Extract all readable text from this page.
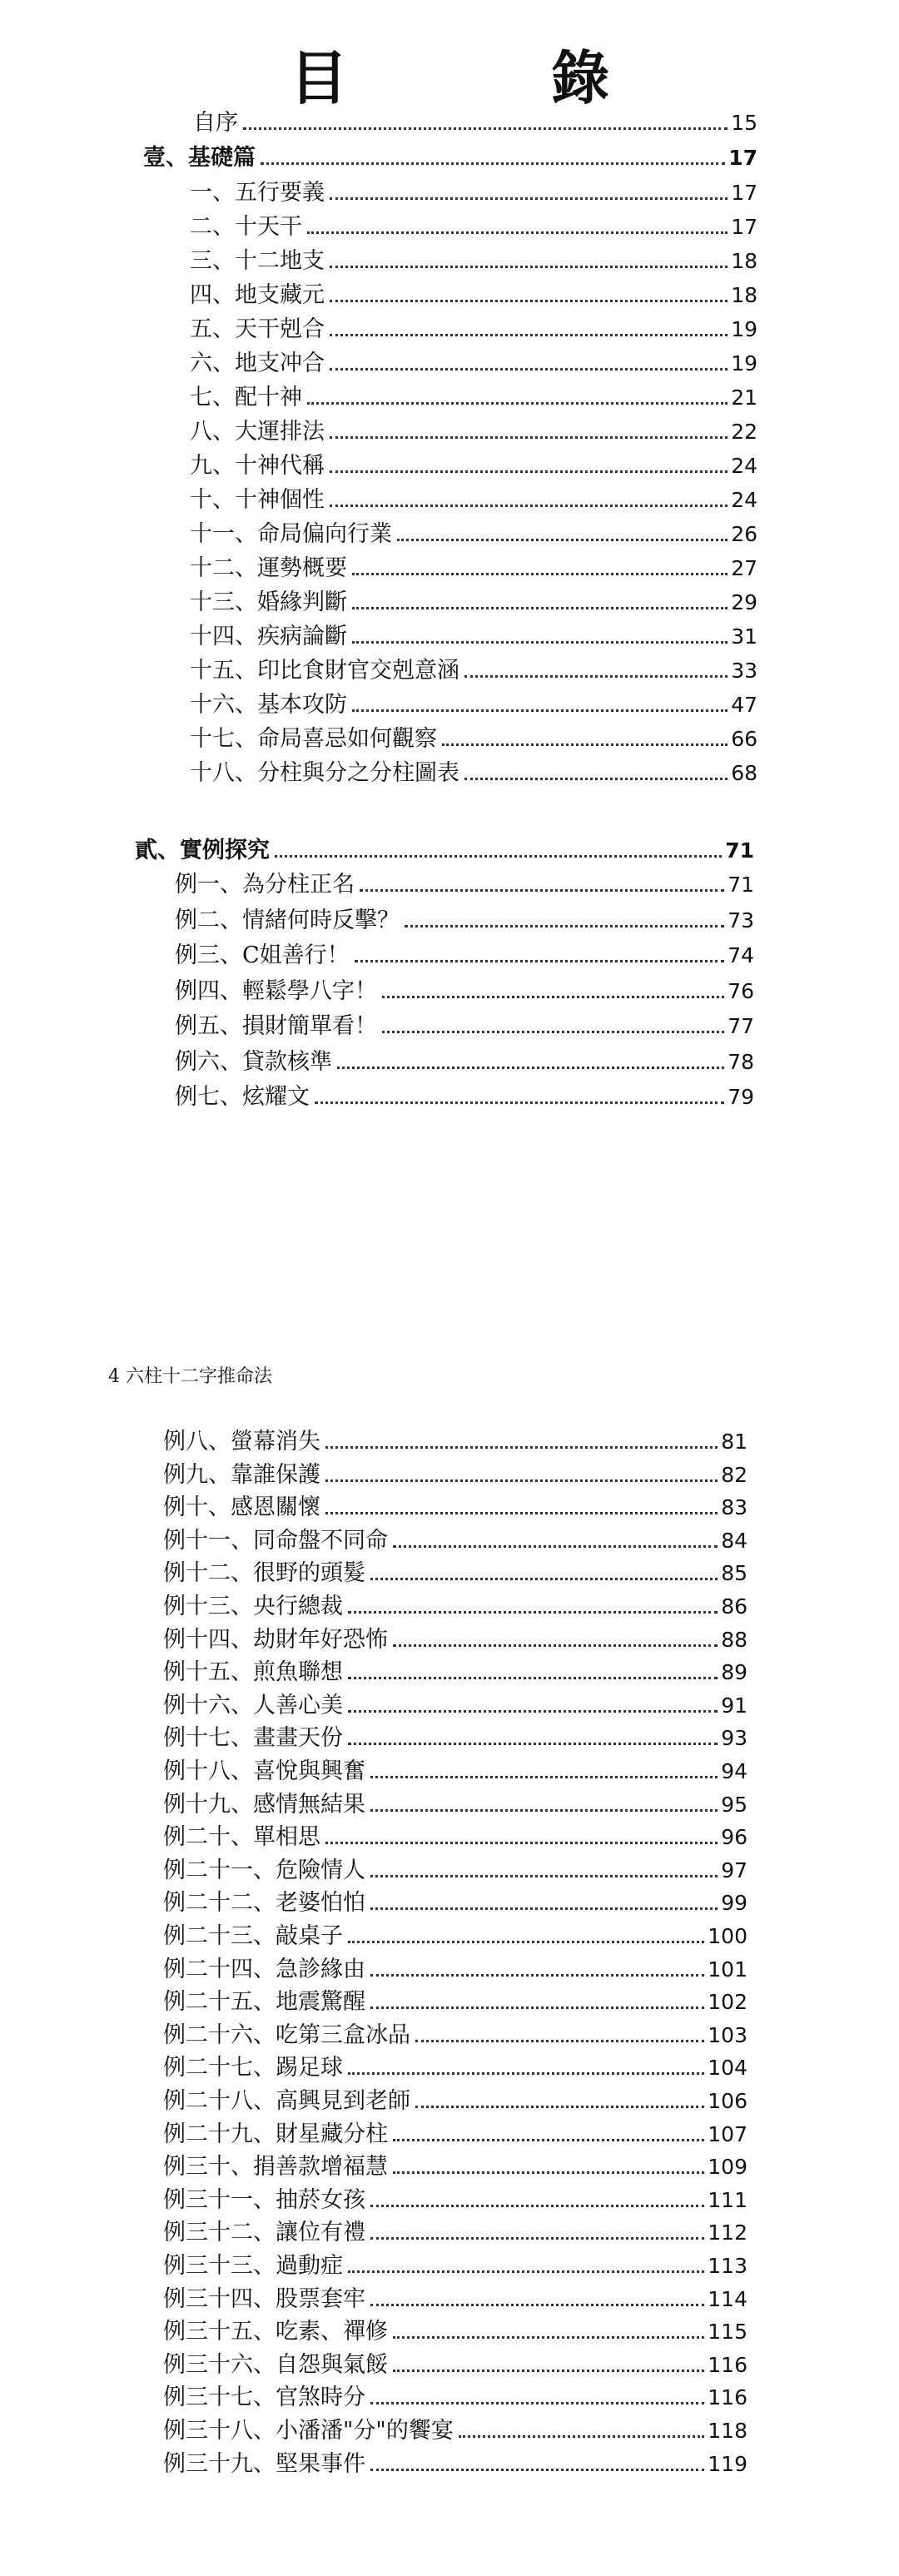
目 錄
4 六柱十二字推命法
自序	15
壹、基礎篇	17
一、五行要義	17
二、十天干	17
三、十二地支	18
四、地支藏元	18
五、天干剋合	19
六、地支冲合	19
七、配十神	21
八、大運排法	22
九、十神代稱	24
十、十神個性	24
十一、命局偏向行業	26
十二、運勢概要	27
十三、婚緣判斷	29
十四、疾病論斷	31
十五、印比食財官交剋意涵	33
十六、基本攻防	47
十七、命局喜忌如何觀察	66
十八、分柱與分之分柱圖表	68
貳、實例探究	71
例一、為分柱正名	71
例二、情緒何時反擊？	73
例三、C姐善行！	74
例四、輕鬆學八字！	76
例五、損財簡單看！	77
例六、貸款核準	78
例七、炫耀文	79
例八、螢幕消失	81
例九、靠誰保護	82
例十、感恩關懷	83
例十一、同命盤不同命	84
例十二、很野的頭髮	85
例十三、央行總裁	86
例十四、劫財年好恐怖	88
例十五、煎魚聯想	89
例十六、人善心美	91
例十七、畫畫天份	93
例十八、喜悅與興奮	94
例十九、感情無結果	95
例二十、單相思	96
例二十一、危險情人	97
例二十二、老婆怕怕	99
例二十三、敲桌子	100
例二十四、急診緣由	101
例二十五、地震驚醒	102
例二十六、吃第三盒冰品	103
例二十七、踢足球	104
例二十八、高興見到老師	106
例二十九、財星藏分柱	107
例三十、捐善款增福慧	109
例三十一、抽菸女孩	111
例三十二、讓位有禮	112
例三十三、過動症	113
例三十四、股票套牢	114
例三十五、吃素、禪修	115
例三十六、自怨與氣餒	116
例三十七、官煞時分	116
例三十八、小潘潘"分"的饗宴	118
例三十九、堅果事件	119
